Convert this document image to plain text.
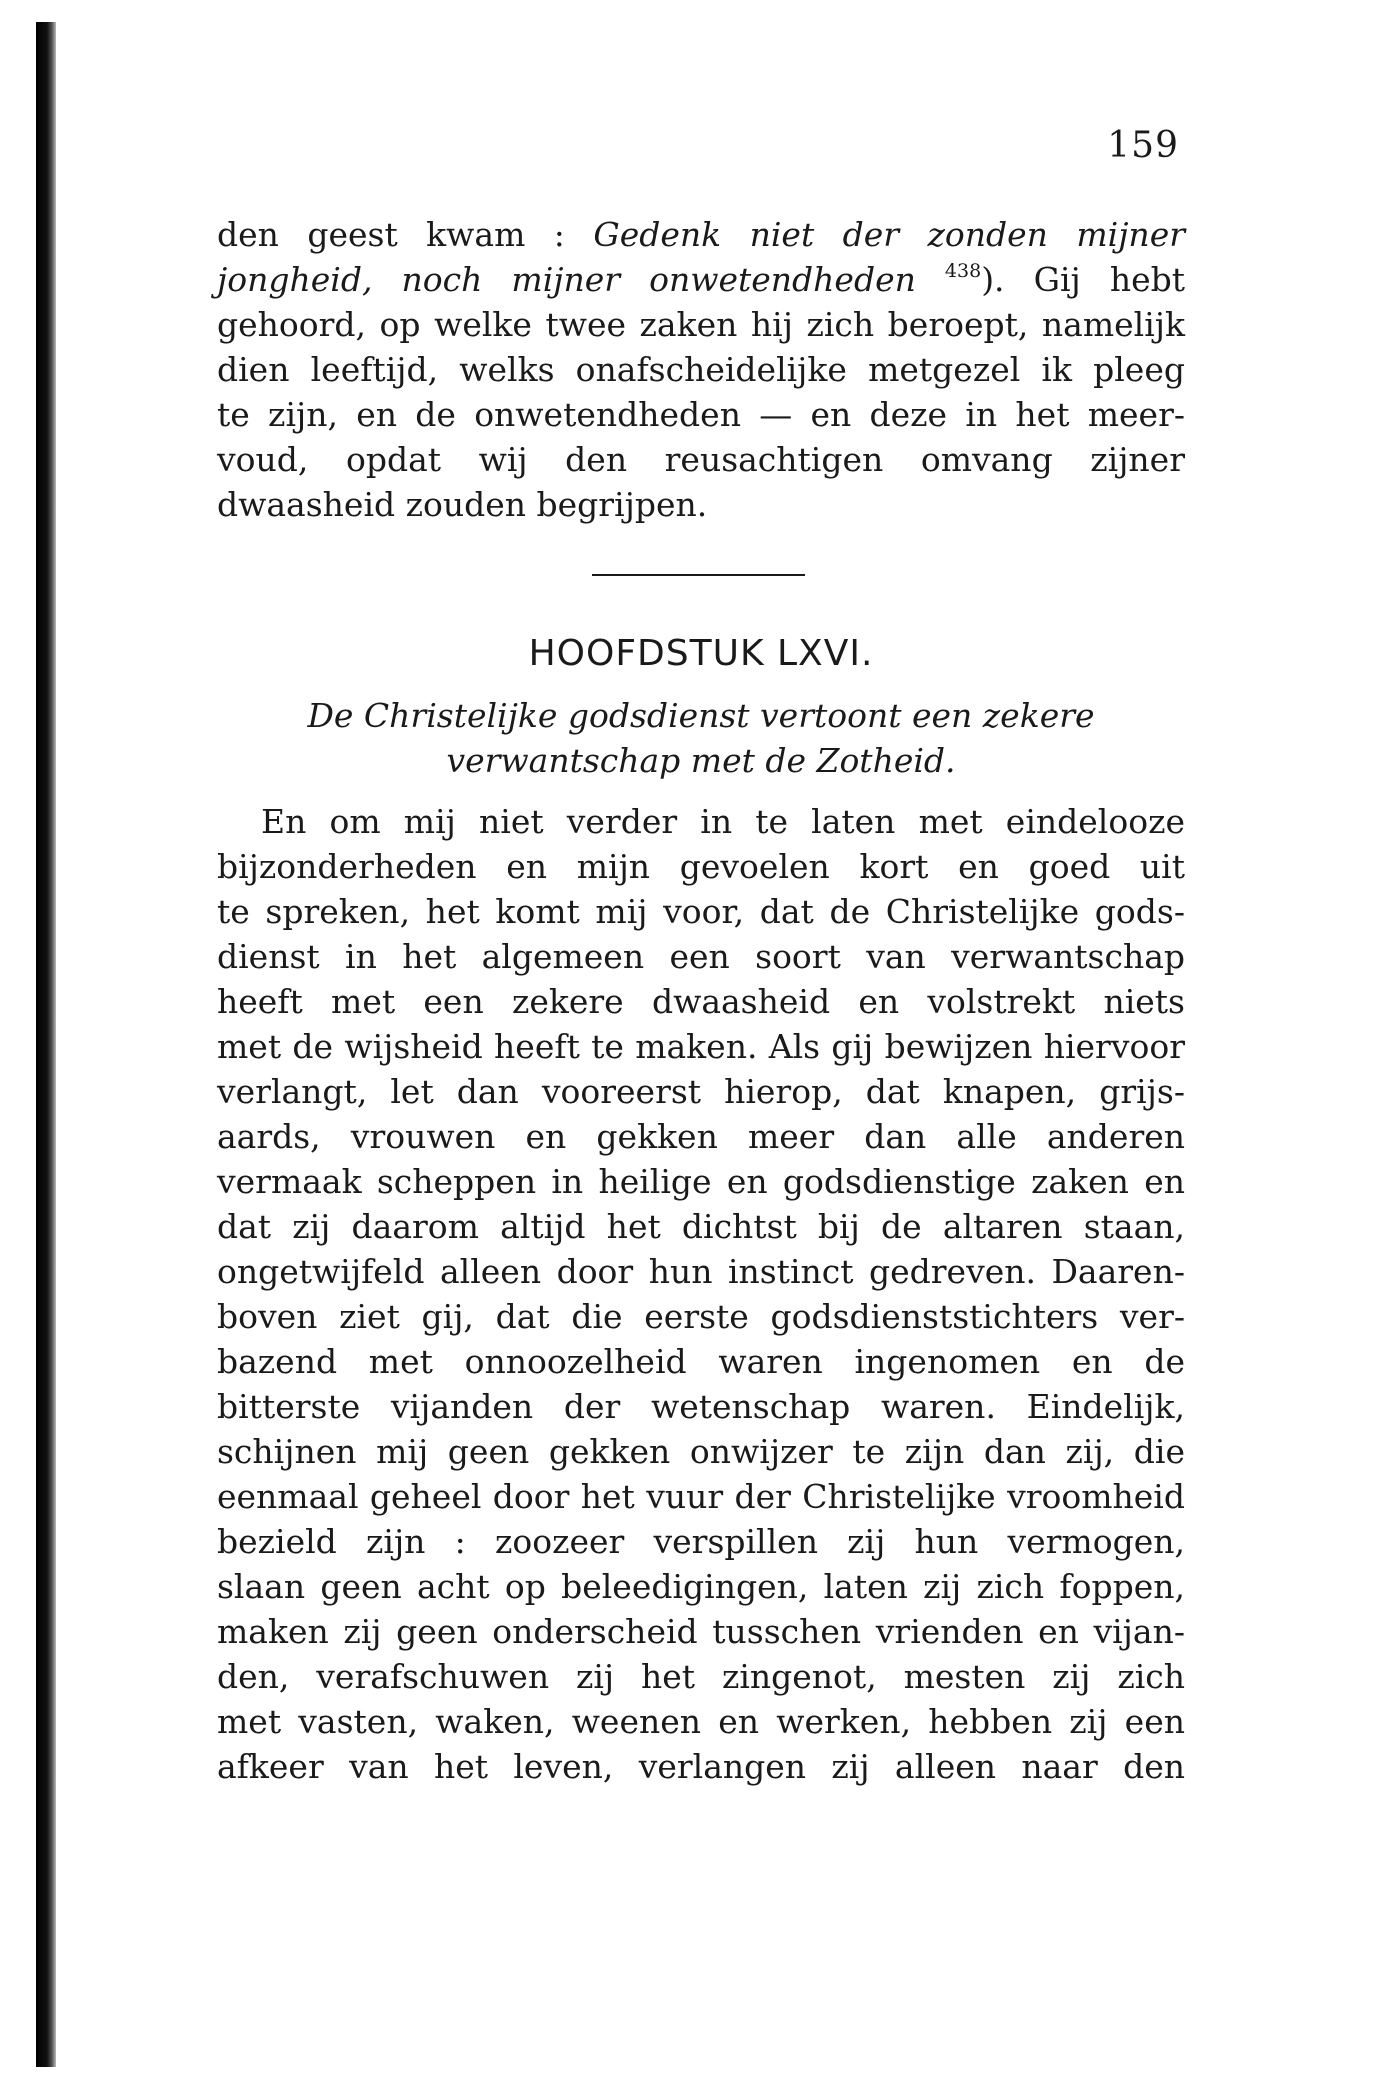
159
den geest kwam : Gedenk niet der zonden mijner
jongheid, noch mijner onwetendheden $^{438}$). Gij hebt
gehoord, op welke twee zaken hij zich beroept, namelijk
dien leeftijd, welks onafscheidelijke metgezel ik pleeg
te zijn, en de onwetendheden — en deze in het meer-
voud, opdat wij den reusachtigen omvang zijner
dwaasheid zouden begrijpen.
HOOFDSTUK LXVI.
De Christelijke godsdienst vertoont een zekere
verwantschap met de Zotheid.
En om mij niet verder in te laten met eindelooze
bijzonderheden en mijn gevoelen kort en goed uit
te spreken, het komt mij voor, dat de Christelijke gods-
dienst in het algemeen een soort van verwantschap
heeft met een zekere dwaasheid en volstrekt niets
met de wijsheid heeft te maken. Als gij bewijzen hiervoor
verlangt, let dan vooreerst hierop, dat knapen, grijs-
aards, vrouwen en gekken meer dan alle anderen
vermaak scheppen in heilige en godsdienstige zaken en
dat zij daarom altijd het dichtst bij de altaren staan,
ongetwijfeld alleen door hun instinct gedreven. Daaren-
boven ziet gij, dat die eerste godsdienststichters ver-
bazend met onnoozelheid waren ingenomen en de
bitterste vijanden der wetenschap waren. Eindelijk,
schijnen mij geen gekken onwijzer te zijn dan zij, die
eenmaal geheel door het vuur der Christelijke vroomheid
bezield zijn : zoozeer verspillen zij hun vermogen,
slaan geen acht op beleedigingen, laten zij zich foppen,
maken zij geen onderscheid tusschen vrienden en vijan-
den, verafschuwen zij het zingenot, mesten zij zich
met vasten, waken, weenen en werken, hebben zij een
afkeer van het leven, verlangen zij alleen naar den
